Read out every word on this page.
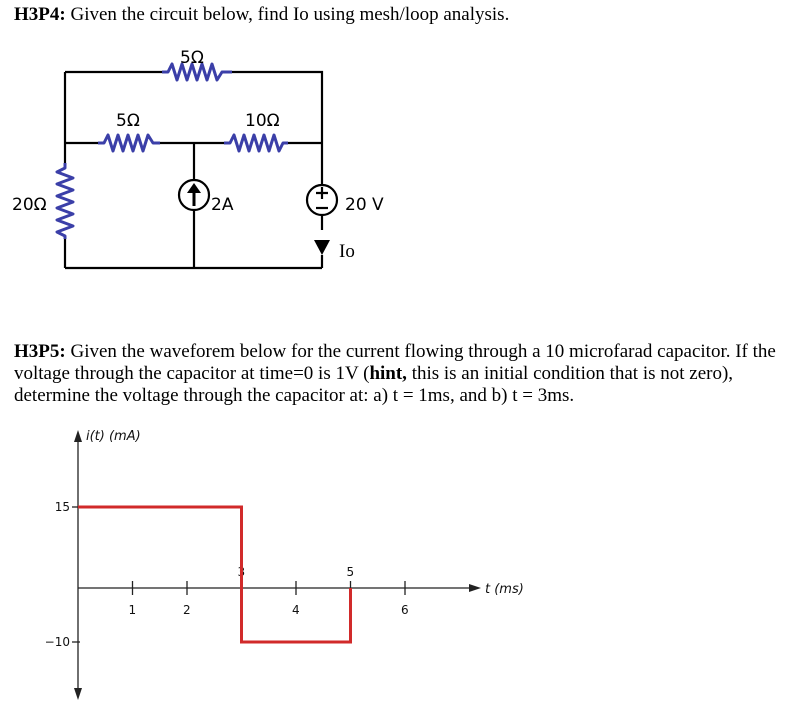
H3P4: Given the circuit below, find Io using mesh/loop analysis.
5Ω
5Ω	10Ω
20Ω	2A	20 V
Io
H3P5: Given the waveforem below for the current flowing through a 10 microfarad capacitor. If the voltage through the capacitor at time=0 is 1V (hint, this is an initial condition that is not zero), determine the voltage through the capacitor at: a) t = 1ms, and b) t = 3ms.
i(t) (mA)
t (ms)
1	2
3
4
5
6
15
−10
